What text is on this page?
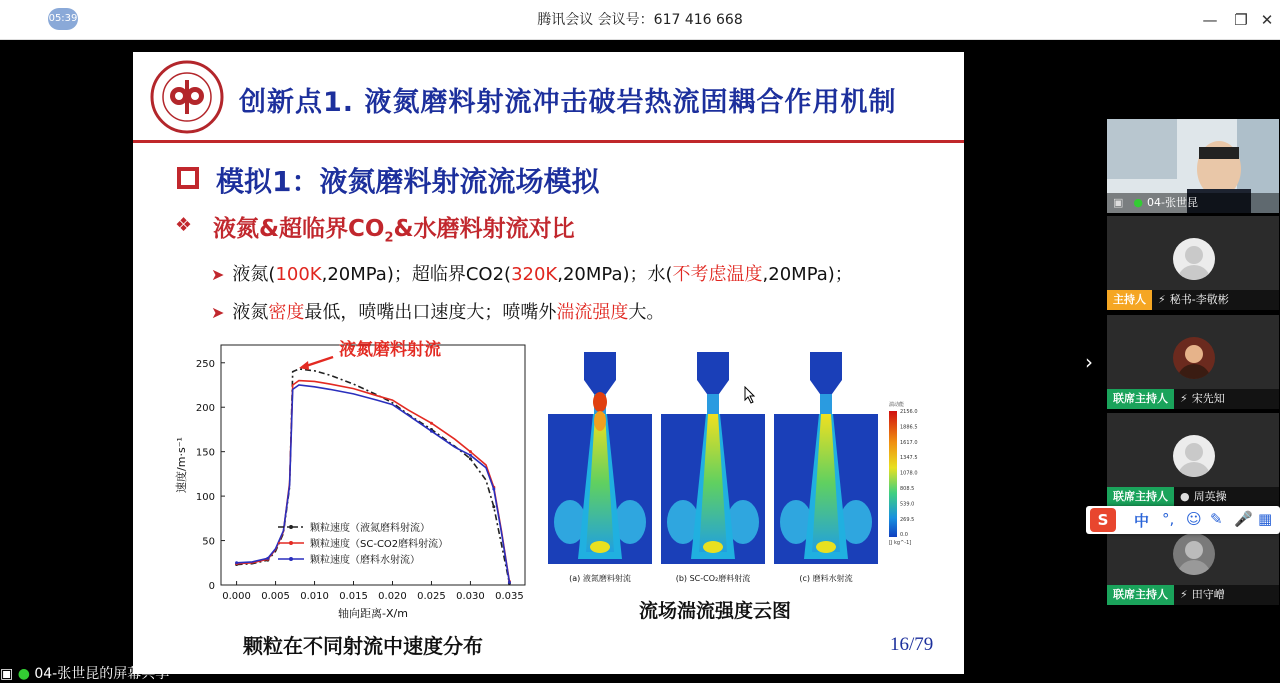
05:39	腾讯会议 会议号：617 416 668	—	❐ ✕
创新点1. 液氮磨料射流冲击破岩热流固耦合作用机制
模拟1：液氮磨料射流流场模拟
❖ 液氮&超临界$CO_2\&$水磨料射流对比
➤ 液氮(100K,20MPa)；超临界CO2(320K,20MPa)；水(不考虑温度,20MPa)；
➤ 液氮密度最低，喷嘴出口速度大；喷嘴外湍流强度大。
0.000 0.005 0.010 0.015 0.020 0.025 0.030 0.035
0
50
100
150
200
250
轴向距离-X/m
速度/m·s⁻¹
颗粒速度（液氮磨料射流）
颗粒速度（SC-CO2磨料射流）
颗粒速度（磨料水射流）
液氮磨料射流
颗粒在不同射流中速度分布
(a) 液氮磨料射流	(b) SC-CO₂磨料射流	(c) 磨料水射流
湍动能
2156.0
1886.5
1617.0
1347.5
1078.0
808.5
539.0
269.5
0.0
[J kg^-1]
流场湍流强度云图
16/79
›
▣ ● 04-张世昆
主持人 ⚡ 秘书-李敬彬
联席主持人 ⚡ 宋先知
联席主持人 ● 周英操
联席主持人 ⚡ 田守嶒
S	中 °, ☺ ✎ 🎤 ▦
▣ ● 04-张世昆的屏幕共享
